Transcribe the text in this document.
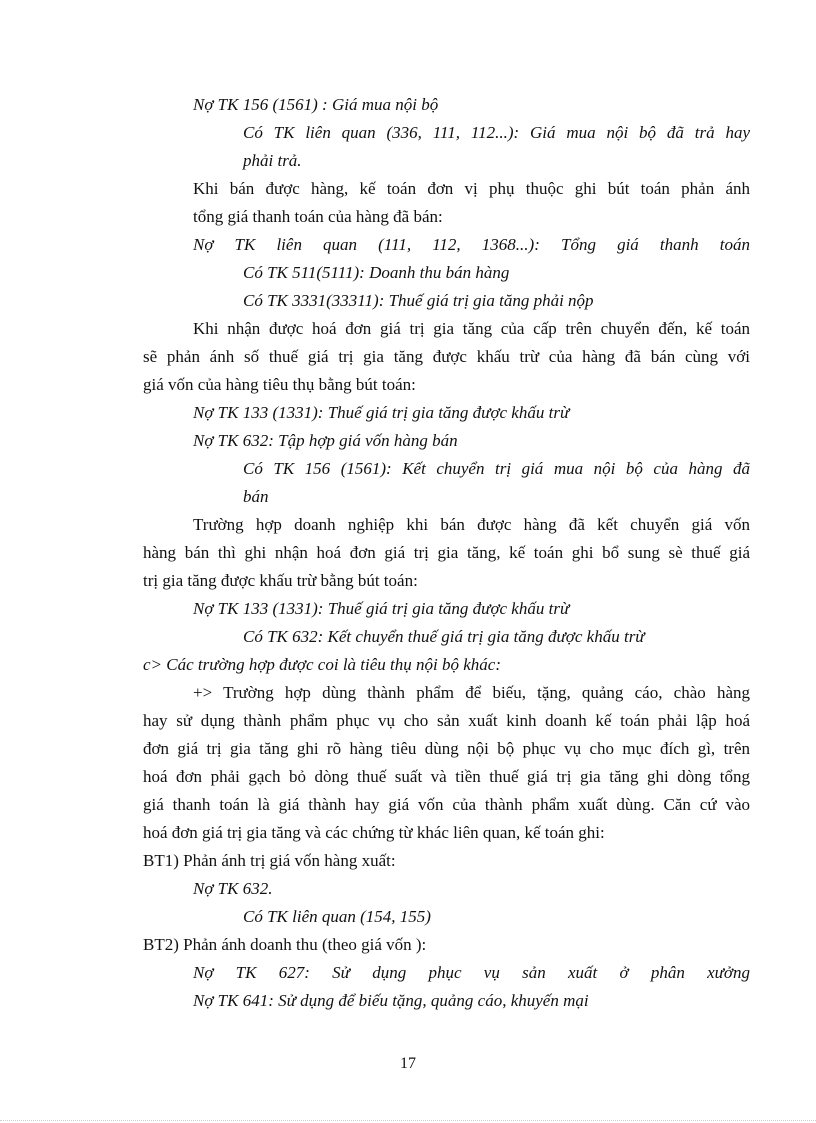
Nợ TK 156 (1561) : Giá mua nội bộ
Có TK liên quan (336, 111, 112...): Giá mua nội bộ đã trả hay
phải trả.
Khi bán được hàng, kế toán đơn vị phụ thuộc ghi bút toán phản ánh
tổng giá thanh toán của hàng đã bán:
Nợ TK liên quan (111, 112, 1368...): Tổng giá thanh toán
Có TK 511(5111): Doanh thu bán hàng
Có TK 3331(33311): Thuế giá trị gia tăng phải nộp
Khi nhận được hoá đơn giá trị gia tăng của cấp trên chuyển đến, kế toán
sẽ phản ánh số thuế giá trị gia tăng được khấu trừ của hàng đã bán cùng với
giá vốn của hàng tiêu thụ bằng bút toán:
Nợ TK 133 (1331): Thuế giá trị gia tăng được khấu trừ
Nợ TK 632: Tập hợp giá vốn hàng bán
Có TK 156 (1561): Kết chuyển trị giá mua nội bộ của hàng đã
bán
Trường hợp doanh nghiệp khi bán được hàng đã kết chuyển giá vốn
hàng bán thì ghi nhận hoá đơn giá trị gia tăng, kế toán ghi bổ sung sè thuế giá
trị gia tăng được khấu trừ bằng bút toán:
Nợ TK 133 (1331): Thuế giá trị gia tăng được khấu trừ
Có TK 632: Kết chuyển thuế giá trị gia tăng được khấu trừ
c> Các trường hợp được coi là tiêu thụ nội bộ khác:
+> Trường hợp dùng thành phẩm để biếu, tặng, quảng cáo, chào hàng
hay sử dụng thành phẩm phục vụ cho sản xuất kinh doanh kế toán phải lập hoá
đơn giá trị gia tăng ghi rõ hàng tiêu dùng nội bộ phục vụ cho mục đích gì, trên
hoá đơn phải gạch bỏ dòng thuế suất và tiền thuế giá trị gia tăng ghi dòng tổng
giá thanh toán là giá thành hay giá vốn của thành phẩm xuất dùng. Căn cứ vào
hoá đơn giá trị gia tăng và các chứng từ khác liên quan, kế toán ghi:
BT1) Phản ánh trị giá vốn hàng xuất:
Nợ TK 632.
Có TK liên quan (154, 155)
BT2) Phản ánh doanh thu (theo giá vốn ):
Nợ TK 627: Sử dụng phục vụ sản xuất ở phân xưởng
Nợ TK 641: Sử dụng để biếu tặng, quảng cáo, khuyến mại
17
